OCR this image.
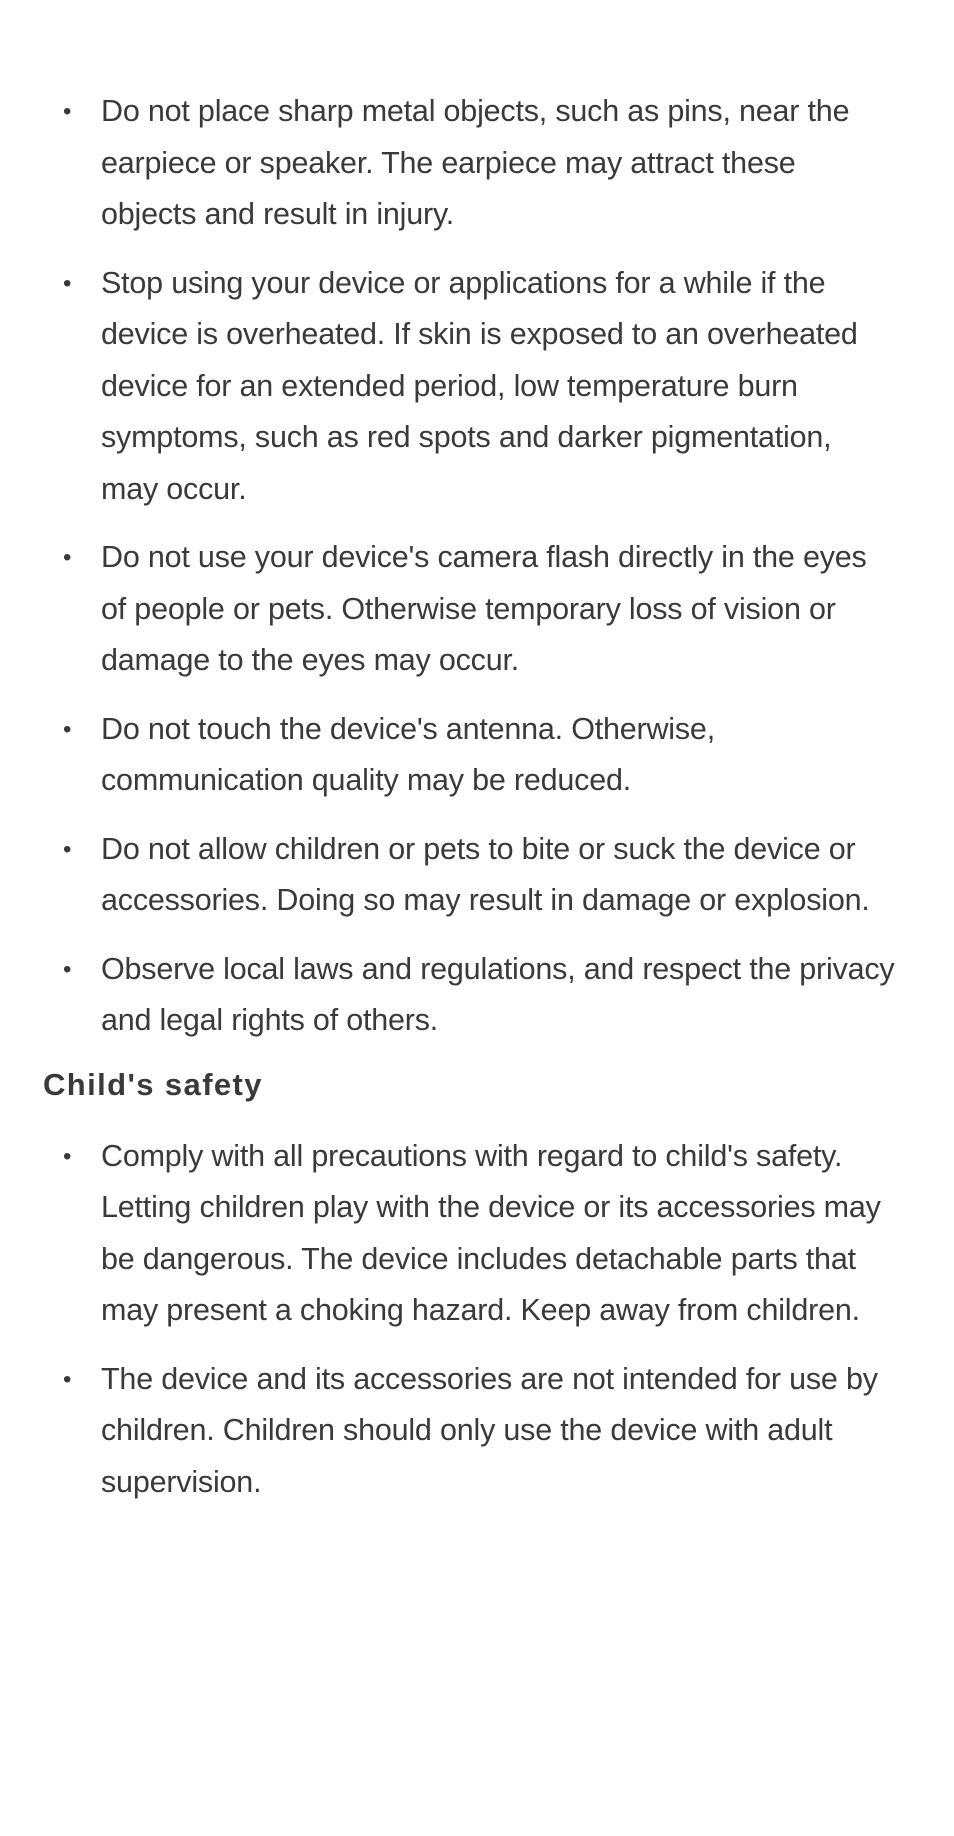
• Do not place sharp metal objects, such as pins, near the earpiece or speaker. The earpiece may attract these objects and result in injury.
• Stop using your device or applications for a while if the device is overheated. If skin is exposed to an overheated device for an extended period, low temperature burn symptoms, such as red spots and darker pigmentation, may occur.
• Do not use your device's camera flash directly in the eyes of people or pets. Otherwise temporary loss of vision or damage to the eyes may occur.
• Do not touch the device's antenna. Otherwise, communication quality may be reduced.
• Do not allow children or pets to bite or suck the device or accessories. Doing so may result in damage or explosion.
• Observe local laws and regulations, and respect the privacy and legal rights of others.
Child's safety
• Comply with all precautions with regard to child's safety. Letting children play with the device or its accessories may be dangerous. The device includes detachable parts that may present a choking hazard. Keep away from children.
• The device and its accessories are not intended for use by children. Children should only use the device with adult supervision.
